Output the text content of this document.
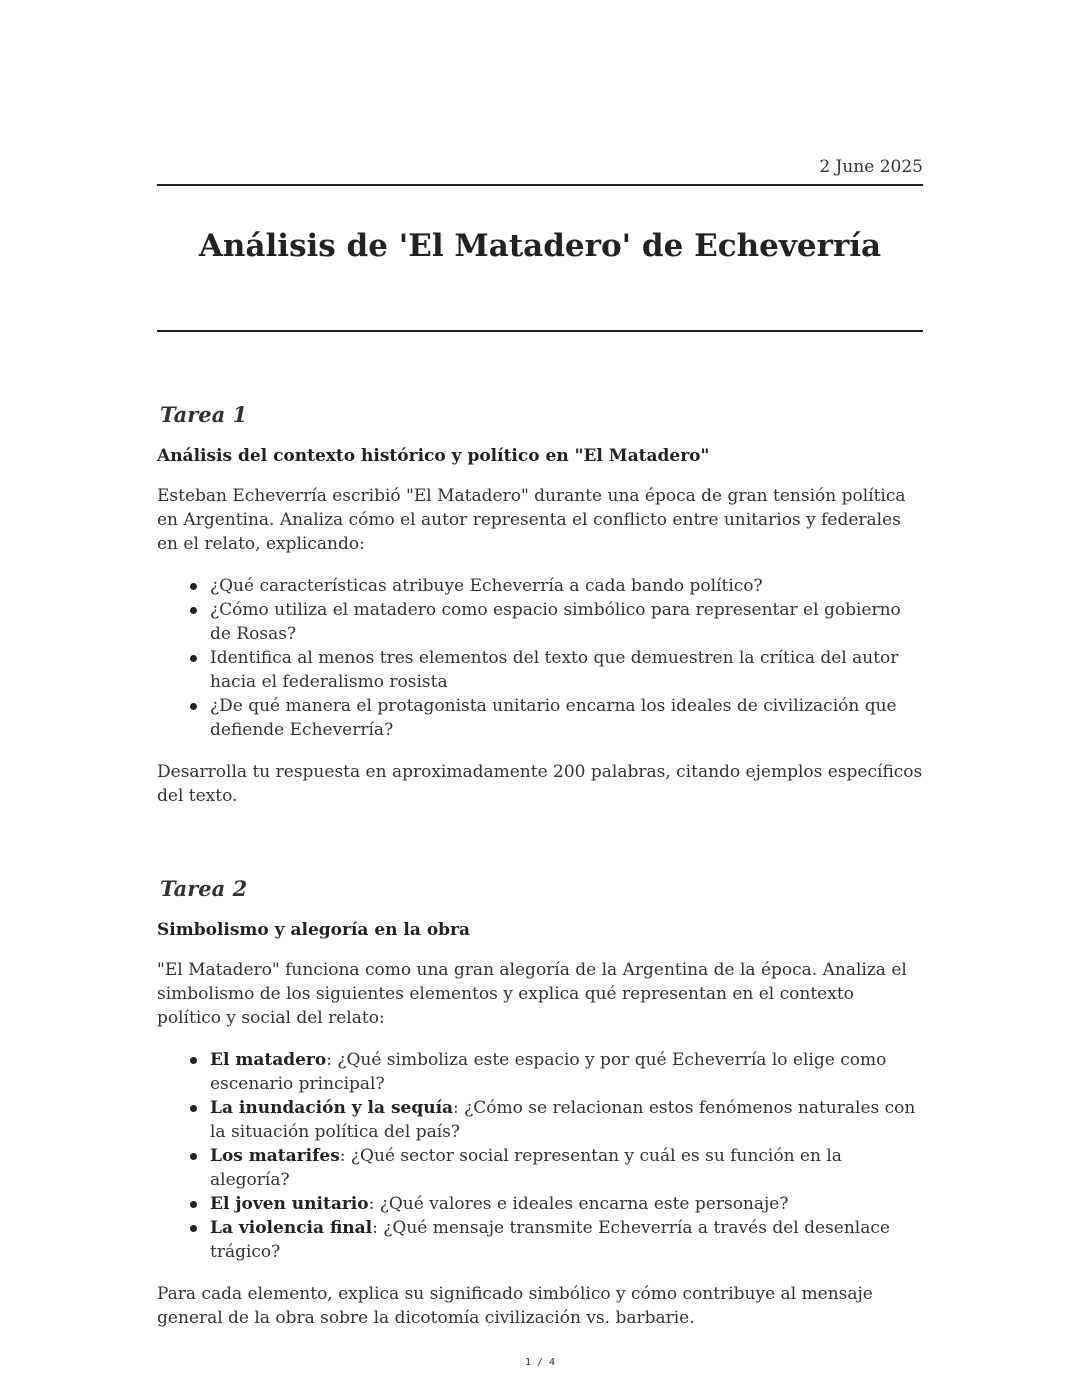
2 June 2025
Análisis de 'El Matadero' de Echeverría
Tarea 1

Análisis del contexto histórico y político en "El Matadero"

Esteban Echeverría escribió "El Matadero" durante una época de gran tensión política en Argentina. Analiza cómo el autor representa el conflicto entre unitarios y federales en el relato, explicando:

¿Qué características atribuye Echeverría a cada bando político?
¿Cómo utiliza el matadero como espacio simbólico para representar el gobierno de Rosas?
Identifica al menos tres elementos del texto que demuestren la crítica del autor hacia el federalismo rosista
¿De qué manera el protagonista unitario encarna los ideales de civilización que defiende Echeverría?

Desarrolla tu respuesta en aproximadamente 200 palabras, citando ejemplos específicos del texto.

Tarea 2

Simbolismo y alegoría en la obra

"El Matadero" funciona como una gran alegoría de la Argentina de la época. Analiza el simbolismo de los siguientes elementos y explica qué representan en el contexto político y social del relato:

El matadero: ¿Qué simboliza este espacio y por qué Echeverría lo elige como escenario principal?
La inundación y la sequía: ¿Cómo se relacionan estos fenómenos naturales con la situación política del país?
Los matarifes: ¿Qué sector social representan y cuál es su función en la alegoría?
El joven unitario: ¿Qué valores e ideales encarna este personaje?
La violencia final: ¿Qué mensaje transmite Echeverría a través del desenlace trágico?

Para cada elemento, explica su significado simbólico y cómo contribuye al mensaje general de la obra sobre la dicotomía civilización vs. barbarie.

1 / 4
